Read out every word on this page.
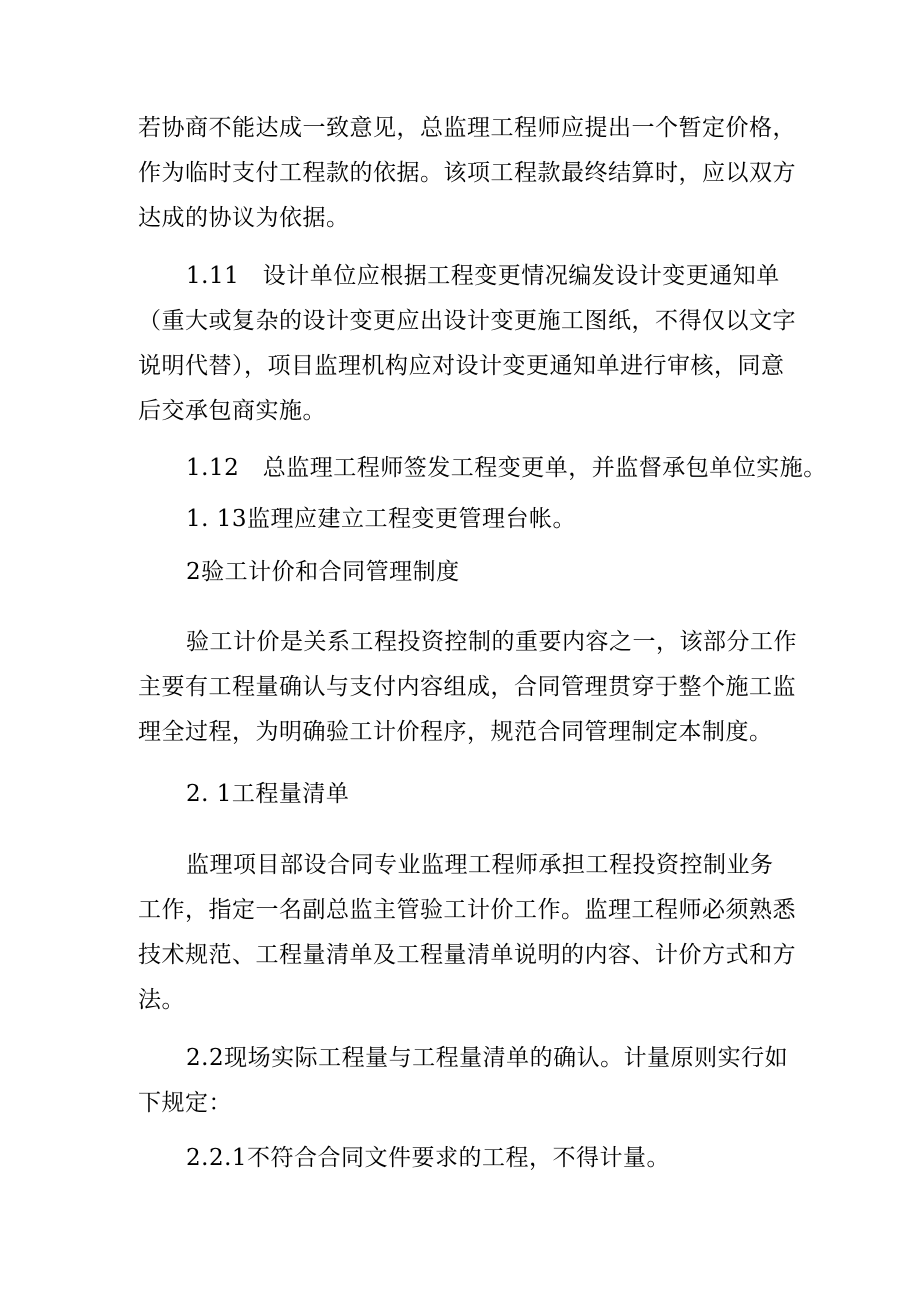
若协商不能达成一致意见，总监理工程师应提出一个暂定价格，
作为临时支付工程款的依据。该项工程款最终结算时，应以双方
达成的协议为依据。
1.11　设计单位应根据工程变更情况编发设计变更通知单
（重大或复杂的设计变更应出设计变更施工图纸，不得仅以文字
说明代替），项目监理机构应对设计变更通知单进行审核，同意
后交承包商实施。
1.12　总监理工程师签发工程变更单，并监督承包单位实施。
1. 13监理应建立工程变更管理台帐。
2验工计价和合同管理制度
验工计价是关系工程投资控制的重要内容之一，该部分工作
主要有工程量确认与支付内容组成，合同管理贯穿于整个施工监
理全过程，为明确验工计价程序，规范合同管理制定本制度。
2. 1工程量清单
监理项目部设合同专业监理工程师承担工程投资控制业务
工作，指定一名副总监主管验工计价工作。监理工程师必须熟悉
技术规范、工程量清单及工程量清单说明的内容、计价方式和方
法。
2.2现场实际工程量与工程量清单的确认。计量原则实行如
下规定：
2.2.1不符合合同文件要求的工程，不得计量。
